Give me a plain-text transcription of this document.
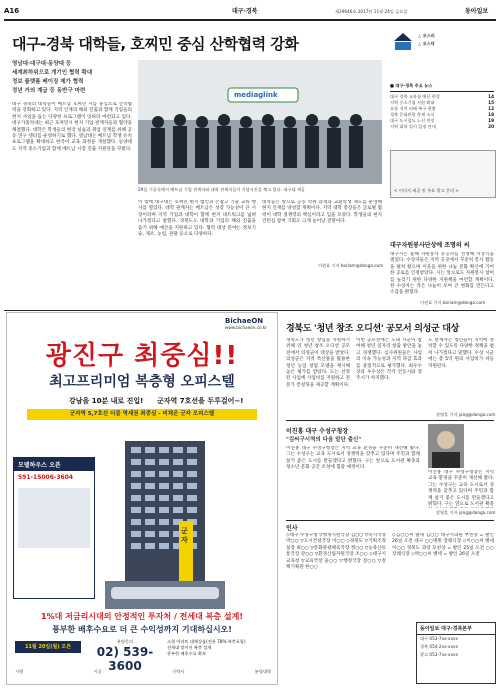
A16	대구·경북	제29646호 2017년 11월 24일 금요일	동아일보
대구-경북 대학들, 호찌민 중심 산학협력 강화	△ 코스피
△ 코스닥
영남대·대구대·동양대 등
세계최하위으로 개기인 협력 확대
정보 플랫폼 베이징 제가 협력
정년 거의 계급 등 동반구 마련
대구 경북의 대학들이 베트남 호찌민 시를 중심으로 산학협력을 강화하고 있다. 지역 인재의 해외 진출과 함께 기업들의 현지 사업을 돕는 다양한 프로그램이 잇따라 마련되고 있다. 대구가톨릭대는 최근 호찌민시 현지 기업 관계자들과 협약을 체결했다. 대학은 학생들의 현장 실습과 취업 연계를 위해 공동 연구 센터를 운영하기로 했다. 영남대는 베트남 학생 유치 프로그램을 확대하고 한국어 교육 과정을 개설했다. 동양대도 지역 중소기업과 함께 베트남 시장 진출 지원단을 꾸렸다.
mediaglink
29일 기공식에서 베트남 기업 관계자와 대학 관계자들이 기념사진을 찍고 있다. 대구대 제공
이 밖에 대구대는 호찌민 현지 법인과 손잡고 기술 교류 행사를 열었다. 대학 관계자는 베트남은 성장 가능성이 큰 시장이라며 지역 기업과 대학이 함께 현지 네트워크를 넓혀 나가겠다고 말했다. 경북도도 대학과 기업의 해외 진출을 돕기 위해 예산을 지원하고 있다. 협력 대상 분야는 정보기술, 제조, 농업, 관광 등으로 다양하다.
대학들은 앞으로 공동 학위 과정과 교환학생 제도를 운영해 현지 인재를 양성할 계획이다. 지역 대학 총장들은 글로벌 협력이 대학 경쟁력의 핵심이라고 입을 모았다. 학생들의 현지 인턴십 참여 기회도 크게 늘어날 전망이다.
이권효 기자 boriam@donga.com
■ 대구·경북 주요 뉴스
대구 경북 교육청 예산 편성	14
지역 중소기업 지원 확대	15
포항 지진 피해 복구 현황	12
경북 문화관광 축제 소식	18
대구 도시철도 노선 연장	19
지역 대학 입시 일정 안내	20
< 이미지 제공 및 주요 광고 문의 >
대구자원봉사단상에 조명의 씨
대구시는 올해 자원봉사 유공자를 선정해 시상식을 열었다. 수상자들은 지역 곳곳에서 꾸준히 봉사 활동을 펼쳐 왔으며 이웃을 위한 나눔 문화 확산에 기여한 공로를 인정받았다. 시는 앞으로도 자원봉사 참여를 늘리기 위한 다양한 지원책을 마련할 계획이다. 한 수상자는 작은 나눔이 모여 큰 변화를 만든다고 소감을 밝혔다.
이권효 기자 boriam@donga.com
BichaeON
www.bichaeon.co.kr
광진구 최중심!!
최고프리미엄 복층형 오피스텔
강남을 10분 내로 진입! 군자역 7호선을 두루걸어~!
군자역 5,7호선 더블 역세권 최중심 - 비채온 군자 오피스텔
모델하우스 오픈
591-15006-3604
군자
1%대 저금리시대의 안정적인 투자처 / 전세대 복층 설계!
풍부한 배후수요로 더 큰 수익성까지 기대하십시오!
11월 20일(월) 오픈
분양문의
02) 539-3600
소형 아파트 대체상품(전용 78% 복층포함)
전세대 맞이선 복층 설계
풍부한 배후수요 확보
시행	시공	신탁사	분양대행
경북도 '청년 창조 오디션' 공모서 의성군 대상
경북도가 청년 창업을 지원하기 위해 연 청년 창조 오디션 공모전에서 의성군이 대상을 받았다. 의성군은 지역 특산물을 활용한 청년 농업 창업 모델을 제시해 높은 평가를 받았다. 도는 선정된 사업에 사업비를 지원하고 전문가 컨설팅을 제공할 계획이다.
이번 공모전에는 도내 시군이 참여해 청년 일자리 창출 방안을 놓고 경쟁했다. 심사위원들은 사업의 지속 가능성과 지역 파급 효과를 중점적으로 평가했다. 최우수상과 우수상은 각각 안동시와 영주시가 차지했다.
도 관계자는 청년들이 지역에 정착할 수 있도록 다양한 정책을 펼쳐 나가겠다고 말했다. 수상 시군에는 총 5억 원의 사업비가 차등 지원된다.
장영훈 기자 jang@donga.com
이진홍 대구 수성구청장
"김씨구시역의 다음 말단 출신"
이진홍 대구 수성구청장은 지역 교육 환경을 꾸준히 개선해 왔다. 그는 수성구는 교육 도시로서 경쟁력을 갖추고 있다며 주민과 함께 살기 좋은 도시를 만들겠다고 밝혔다. 구는 앞으로 도서관 확충과 청소년 문화 공간 조성에 힘쓸 예정이다.
이진홍 대구 수성구청장은 지역 교육 환경을 꾸준히 개선해 왔다. 그는 수성구는 교육 도시로서 경쟁력을 갖추고 있다며 주민과 함께 살기 좋은 도시를 만들겠다고 밝혔다. 구는 앞으로 도서관 확충
장영훈 기자 jang@donga.com
인사
◇대구 수성구청 ▽행정지원국장 김○○ ▽복지국장 박○○ ▽도시건설국장 이○○ ◇경북도 ▽기획조정실장 최○○ ▽문화관광체육국장 정○○ ▽농축산유통국장 강○○ ▽환경산림자원국장 조○○ ◇대구시교육청 ▽교육국장 윤○○ ▽행정국장 장○○ ▽정책기획관 한○○
◇김○○씨 별세 김○○ 대구시의원 부친상 = 발인 26일 오전 대구 ○○병원 장례식장 ◇이○○씨 별세 이○○ 경북도 과장 모친상 = 발인 25일 오전 ○○장례식장 ◇박○○씨 별세 = 발인 26일 오전
동아일보 대구·경북본부
대구 053-7xx-xxxx
경북 054-2xx-xxxx
광고 053-7xx-xxxx
